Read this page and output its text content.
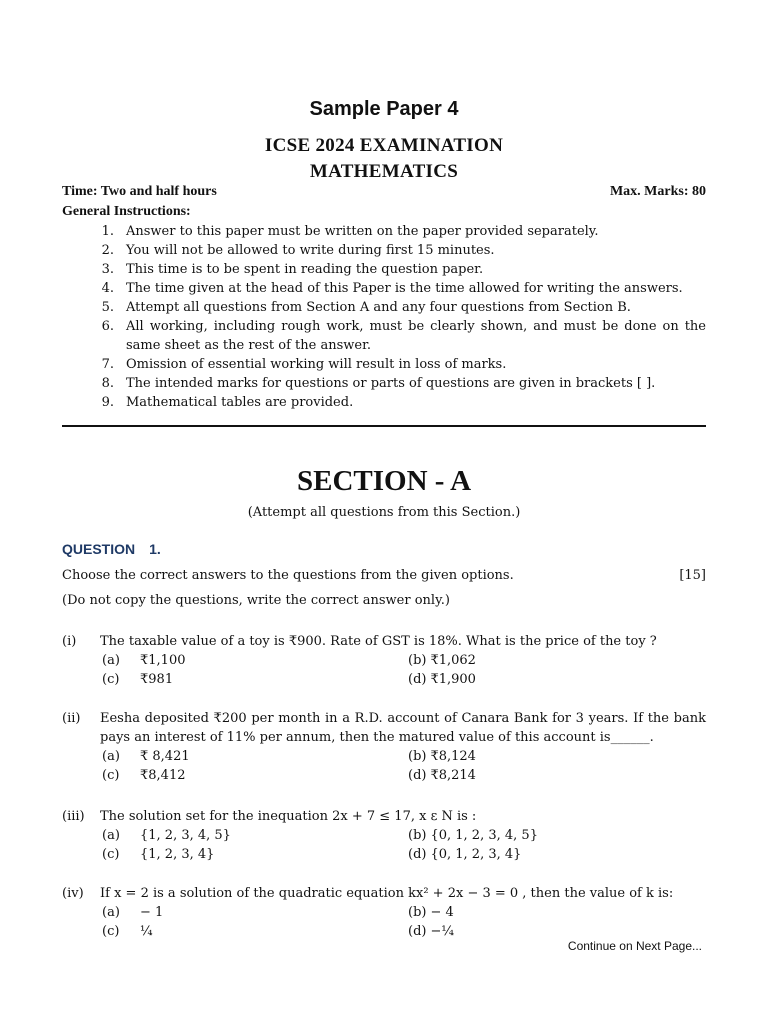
Sample Paper 4
ICSE 2024 EXAMINATION
MATHEMATICS
Time: Two and half hours	Max. Marks: 80
General Instructions:
1. Answer to this paper must be written on the paper provided separately.
2. You will not be allowed to write during first 15 minutes.
3. This time is to be spent in reading the question paper.
4. The time given at the head of this Paper is the time allowed for writing the answers.
5. Attempt all questions from Section A and any four questions from Section B.
6. All working, including rough work, must be clearly shown, and must be done on the same sheet as the rest of the answer.
7. Omission of essential working will result in loss of marks.
8. The intended marks for questions or parts of questions are given in brackets [ ].
9. Mathematical tables are provided.
SECTION - A
(Attempt all questions from this Section.)
QUESTION 1.
Choose the correct answers to the questions from the given options.	[15]
(Do not copy the questions, write the correct answer only.)
(i)	The taxable value of a toy is ₹900. Rate of GST is 18%. What is the price of the toy ?
(a)	₹1,100	(b) ₹1,062
(c)	₹981	(d) ₹1,900
(ii)	Eesha deposited ₹200 per month in a R.D. account of Canara Bank for 3 years. If the bank pays an interest of 11% per annum, then the matured value of this account is______.
(a)	₹ 8,421	(b) ₹8,124
(c)	₹8,412	(d) ₹8,214
(iii)	The solution set for the inequation 2x + 7 ≤ 17, x ε N is :
(a)	{1, 2, 3, 4, 5}	(b) {0, 1, 2, 3, 4, 5}
(c)	{1, 2, 3, 4}	(d) {0, 1, 2, 3, 4}
(iv)	If x = 2 is a solution of the quadratic equation kx² + 2x − 3 = 0 , then the value of k is:
(a)	− 1	(b) − 4
(c)	¼	(d) −¼
Continue on Next Page...
